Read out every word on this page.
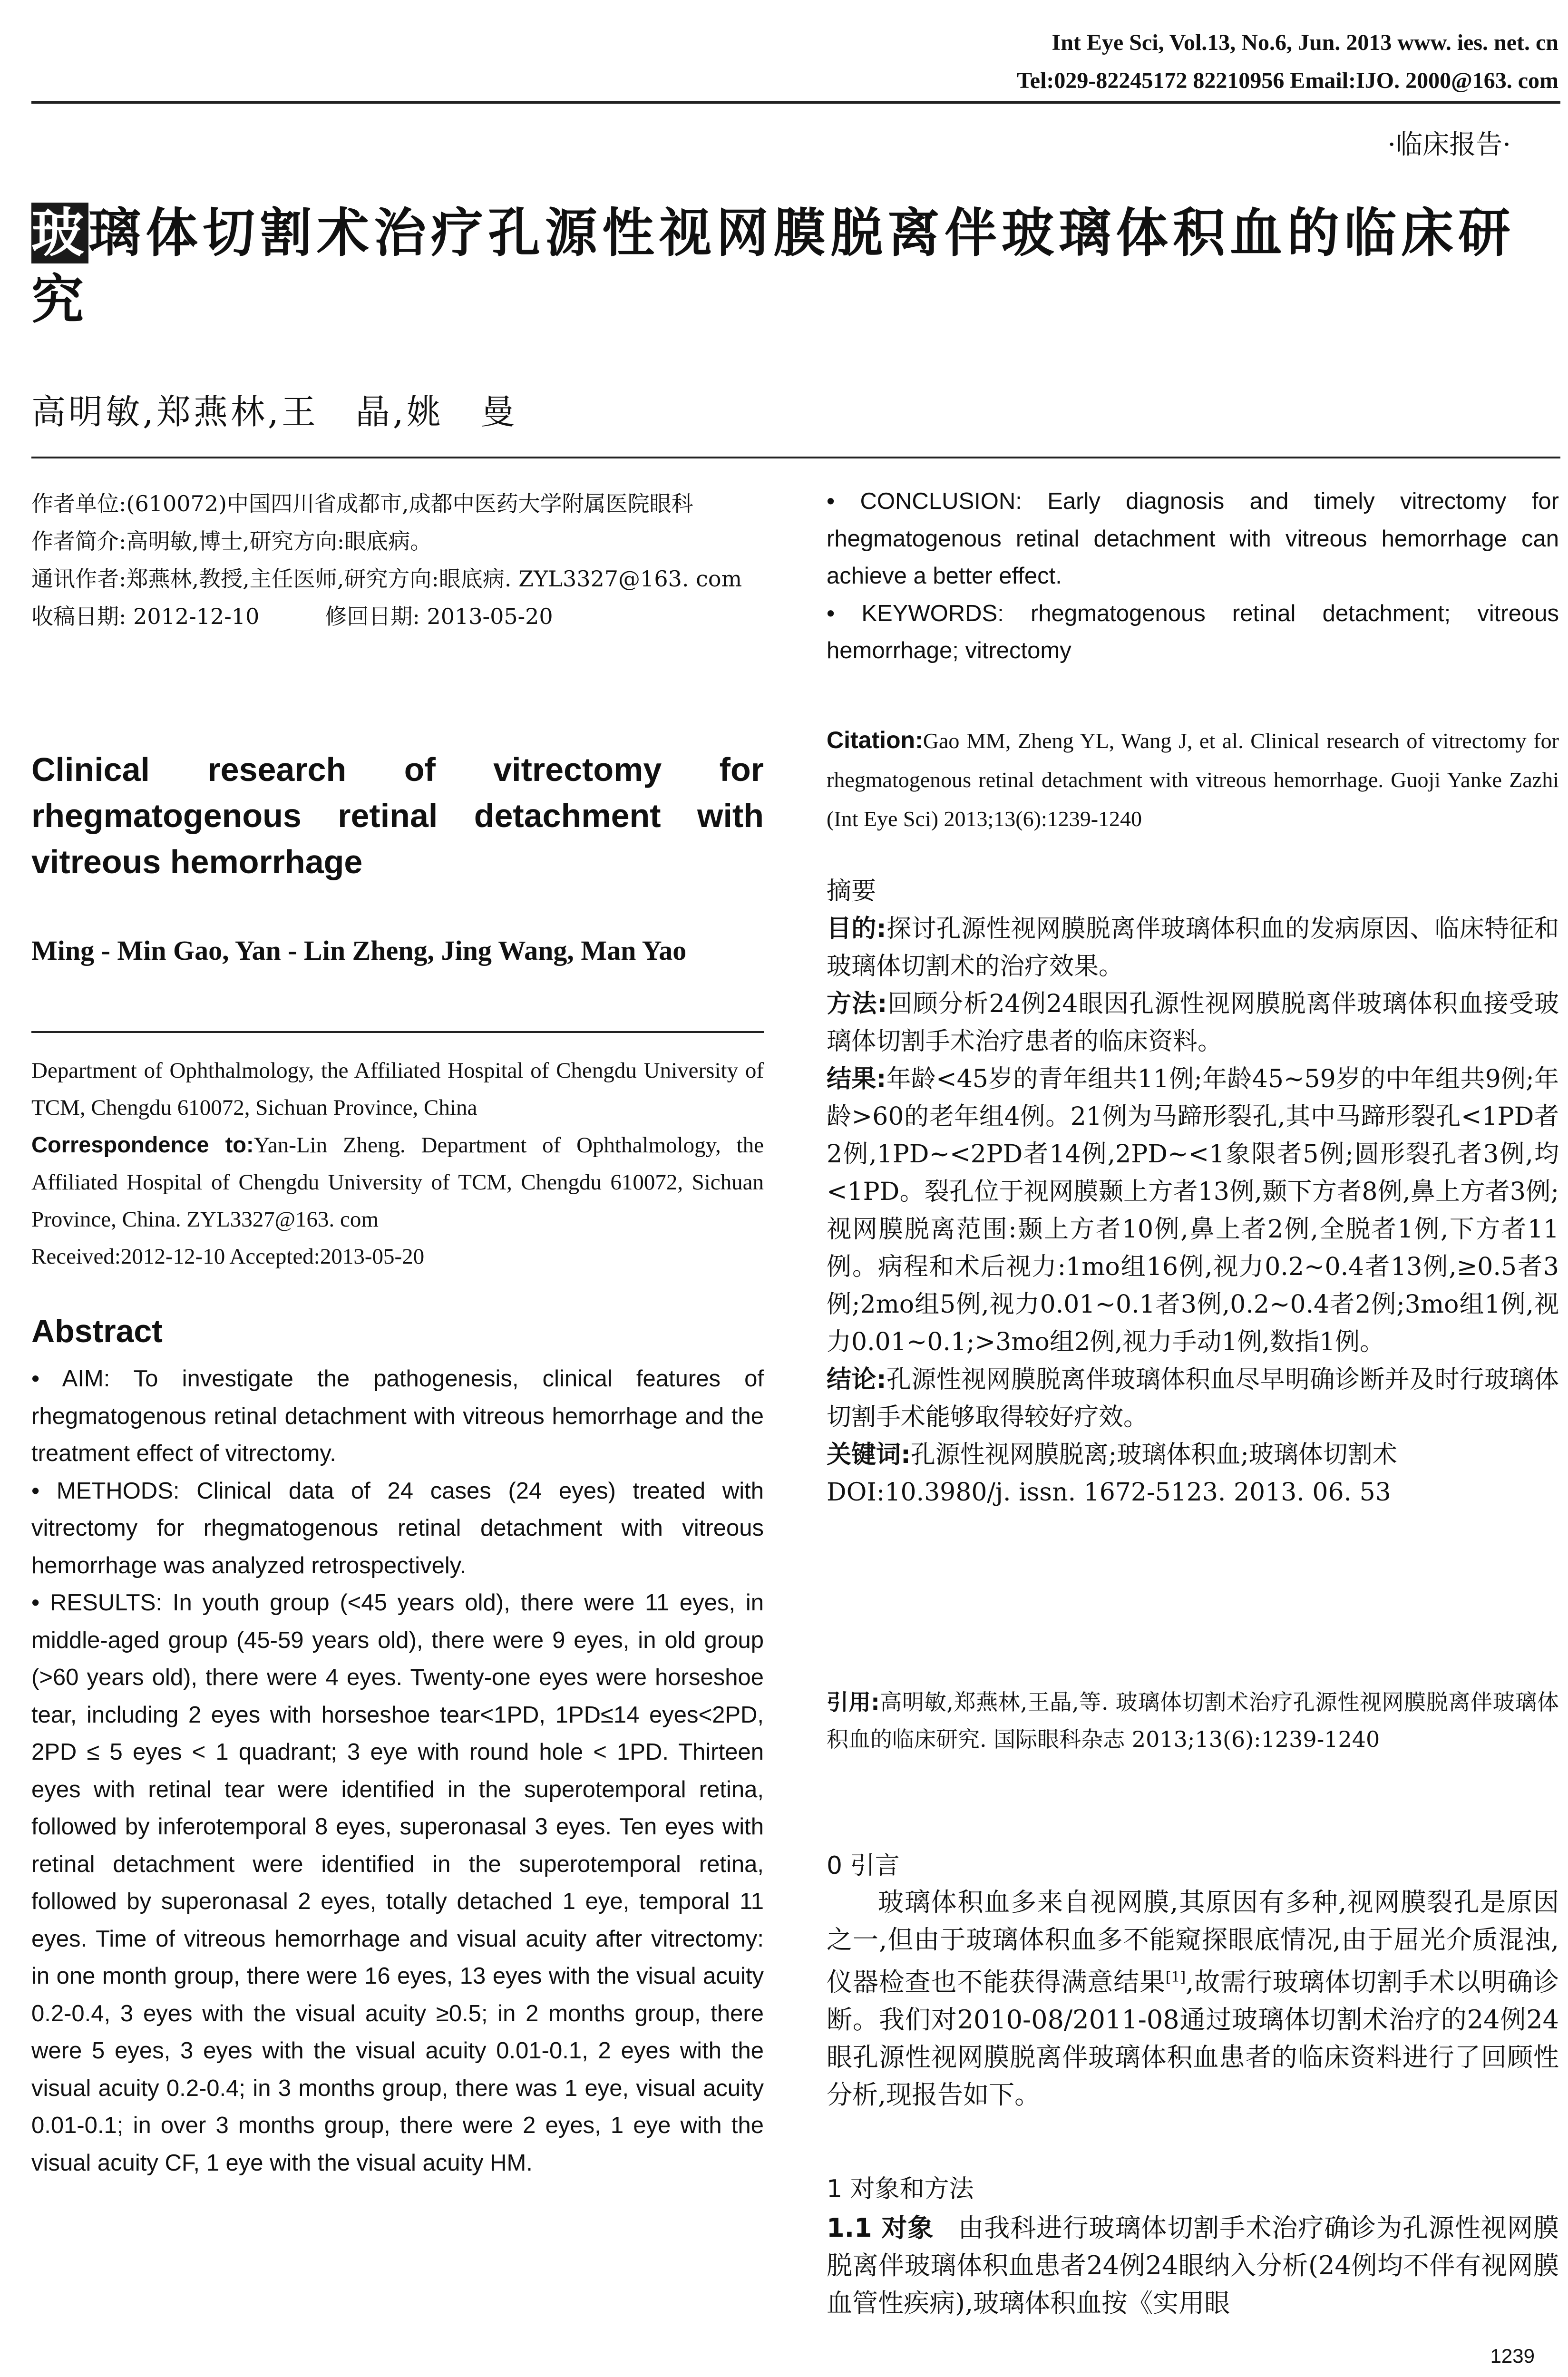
Int Eye Sci, Vol.13, No.6, Jun. 2013 www. ies. net. cn
Tel:029-82245172 82210956 Email:IJO. 2000@163. com
·临床报告·
玻璃体切割术治疗孔源性视网膜脱离伴玻璃体积血的临床研究
高明敏,郑燕林,王　晶,姚　曼

作者单位:(610072)中国四川省成都市,成都中医药大学附属医院眼科

作者简介:高明敏,博士,研究方向:眼底病。

通讯作者:郑燕林,教授,主任医师,研究方向:眼底病. ZYL3327@163. com

收稿日期: 2012-12-10　　　修回日期: 2013-05-20

Clinical research of vitrectomy for rhegmatogenous retinal detachment with vitreous hemorrhage
Ming - Min Gao, Yan - Lin Zheng, Jing Wang, Man Yao

Department of Ophthalmology, the Affiliated Hospital of Chengdu University of TCM, Chengdu 610072, Sichuan Province, China

Correspondence to:Yan-Lin Zheng. Department of Ophthalmology, the Affiliated Hospital of Chengdu University of TCM, Chengdu 610072, Sichuan Province, China. ZYL3327@163. com

Received:2012-12-10 Accepted:2013-05-20

Abstract

• AIM: To investigate the pathogenesis, clinical features of rhegmatogenous retinal detachment with vitreous hemorrhage and the treatment effect of vitrectomy.

• METHODS: Clinical data of 24 cases (24 eyes) treated with vitrectomy for rhegmatogenous retinal detachment with vitreous hemorrhage was analyzed retrospectively.

• RESULTS: In youth group (<45 years old), there were 11 eyes, in middle-aged group (45-59 years old), there were 9 eyes, in old group (>60 years old), there were 4 eyes. Twenty-one eyes were horseshoe tear, including 2 eyes with horseshoe tear<1PD, 1PD≤14 eyes<2PD, 2PD ≤ 5 eyes < 1 quadrant; 3 eye with round hole < 1PD. Thirteen eyes with retinal tear were identified in the superotemporal retina, followed by inferotemporal 8 eyes, superonasal 3 eyes. Ten eyes with retinal detachment were identified in the superotemporal retina, followed by superonasal 2 eyes, totally detached 1 eye, temporal 11 eyes. Time of vitreous hemorrhage and visual acuity after vitrectomy: in one month group, there were 16 eyes, 13 eyes with the visual acuity 0.2-0.4, 3 eyes with the visual acuity ≥0.5; in 2 months group, there were 5 eyes, 3 eyes with the visual acuity 0.01-0.1, 2 eyes with the visual acuity 0.2-0.4; in 3 months group, there was 1 eye, visual acuity 0.01-0.1; in over 3 months group, there were 2 eyes, 1 eye with the visual acuity CF, 1 eye with the visual acuity HM.

• CONCLUSION: Early diagnosis and timely vitrectomy for rhegmatogenous retinal detachment with vitreous hemorrhage can achieve a better effect.

• KEYWORDS: rhegmatogenous retinal detachment; vitreous hemorrhage; vitrectomy

Citation:Gao MM, Zheng YL, Wang J, et al. Clinical research of vitrectomy for rhegmatogenous retinal detachment with vitreous hemorrhage. Guoji Yanke Zazhi (Int Eye Sci) 2013;13(6):1239-1240

摘要

目的:探讨孔源性视网膜脱离伴玻璃体积血的发病原因、临床特征和玻璃体切割术的治疗效果。

方法:回顾分析24例24眼因孔源性视网膜脱离伴玻璃体积血接受玻璃体切割手术治疗患者的临床资料。

结果:年龄<45岁的青年组共11例;年龄45~59岁的中年组共9例;年龄>60的老年组4例。21例为马蹄形裂孔,其中马蹄形裂孔<1PD者2例,1PD~<2PD者14例,2PD~<1象限者5例;圆形裂孔者3例,均<1PD。裂孔位于视网膜颞上方者13例,颞下方者8例,鼻上方者3例;视网膜脱离范围:颞上方者10例,鼻上者2例,全脱者1例,下方者11例。病程和术后视力:1mo组16例,视力0.2~0.4者13例,≥0.5者3例;2mo组5例,视力0.01~0.1者3例,0.2~0.4者2例;3mo组1例,视力0.01~0.1;>3mo组2例,视力手动1例,数指1例。

结论:孔源性视网膜脱离伴玻璃体积血尽早明确诊断并及时行玻璃体切割手术能够取得较好疗效。

关键词:孔源性视网膜脱离;玻璃体积血;玻璃体切割术

DOI:10.3980/j. issn. 1672-5123. 2013. 06. 53

引用:高明敏,郑燕林,王晶,等. 玻璃体切割术治疗孔源性视网膜脱离伴玻璃体积血的临床研究. 国际眼科杂志 2013;13(6):1239-1240

0 引言

玻璃体积血多来自视网膜,其原因有多种,视网膜裂孔是原因之一,但由于玻璃体积血多不能窥探眼底情况,由于屈光介质混浊,仪器检查也不能获得满意结果[1],故需行玻璃体切割手术以明确诊断。我们对2010-08/2011-08通过玻璃体切割术治疗的24例24眼孔源性视网膜脱离伴玻璃体积血患者的临床资料进行了回顾性分析,现报告如下。

1 对象和方法

1.1 对象 由我科进行玻璃体切割手术治疗确诊为孔源性视网膜脱离伴玻璃体积血患者24例24眼纳入分析(24例均不伴有视网膜血管性疾病),玻璃体积血按《实用眼

1239
